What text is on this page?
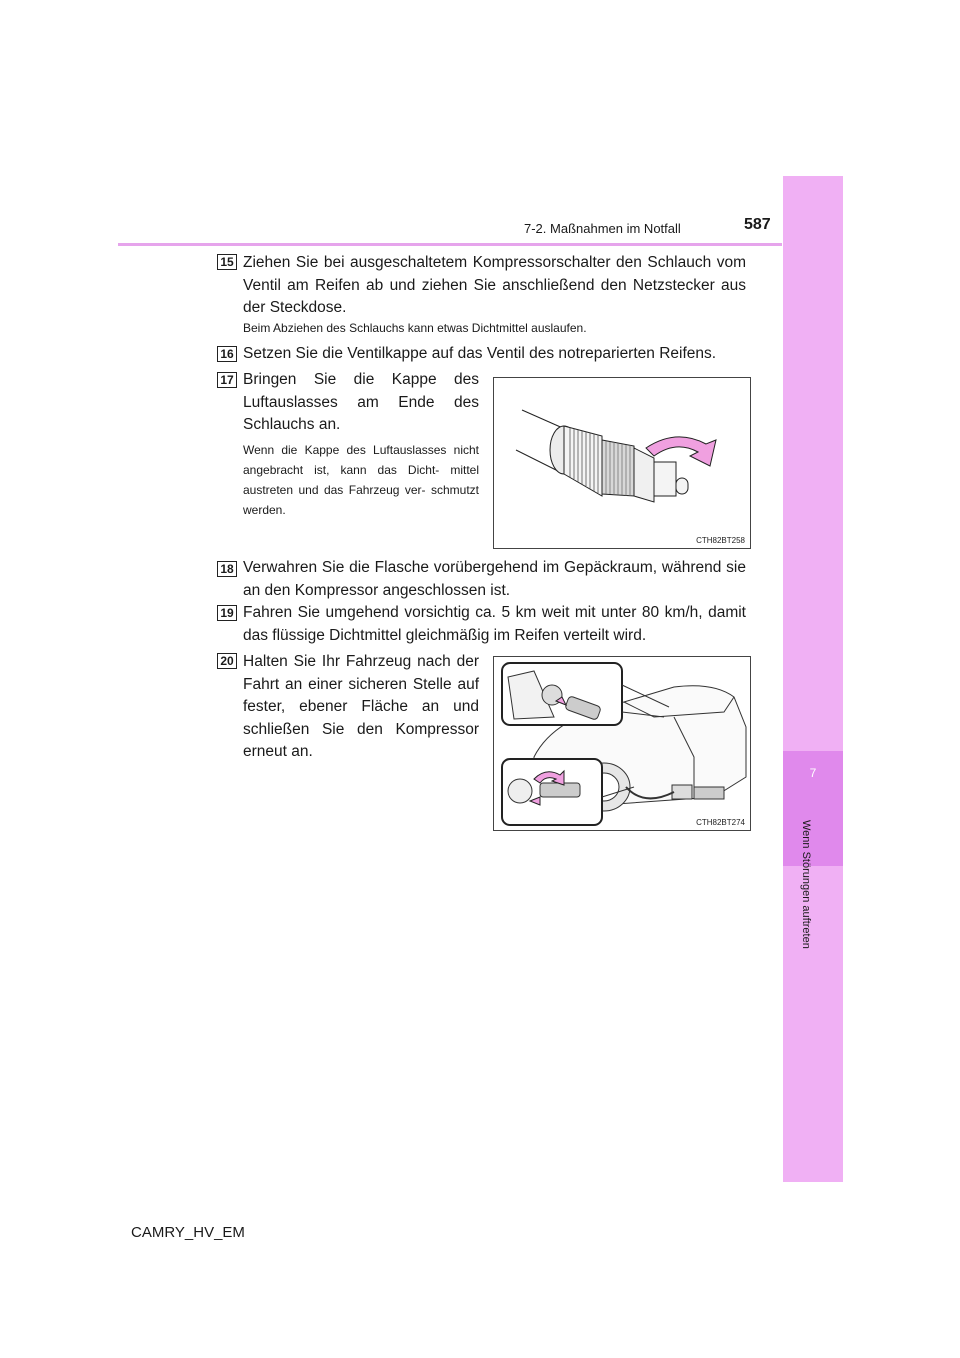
7
Wenn Störungen auftreten
7-2. Maßnahmen im Notfall	587
15 Ziehen Sie bei ausgeschaltetem Kompressorschalter den Schlauch vom Ventil am Reifen ab und ziehen Sie anschließend den Netzstecker aus der Steckdose.
Beim Abziehen des Schlauchs kann etwas Dichtmittel auslaufen.
16 Setzen Sie die Ventilkappe auf das Ventil des notreparierten Reifens.
17 Bringen Sie die Kappe des Luftauslasses am Ende des Schlauchs an.
Wenn die Kappe des Luftauslasses nicht angebracht ist, kann das Dicht- mittel austreten und das Fahrzeug ver- schmutzt werden.
CTH82BT258
18 Verwahren Sie die Flasche vorübergehend im Gepäckraum, während sie an den Kompressor angeschlossen ist.
19 Fahren Sie umgehend vorsichtig ca. 5 km weit mit unter 80 km/h, damit das flüssige Dichtmittel gleichmäßig im Reifen verteilt wird.
20 Halten Sie Ihr Fahrzeug nach der Fahrt an einer sicheren Stelle auf fester, ebener Fläche an und schließen Sie den Kompressor erneut an.
CTH82BT274
CAMRY_HV_EM
